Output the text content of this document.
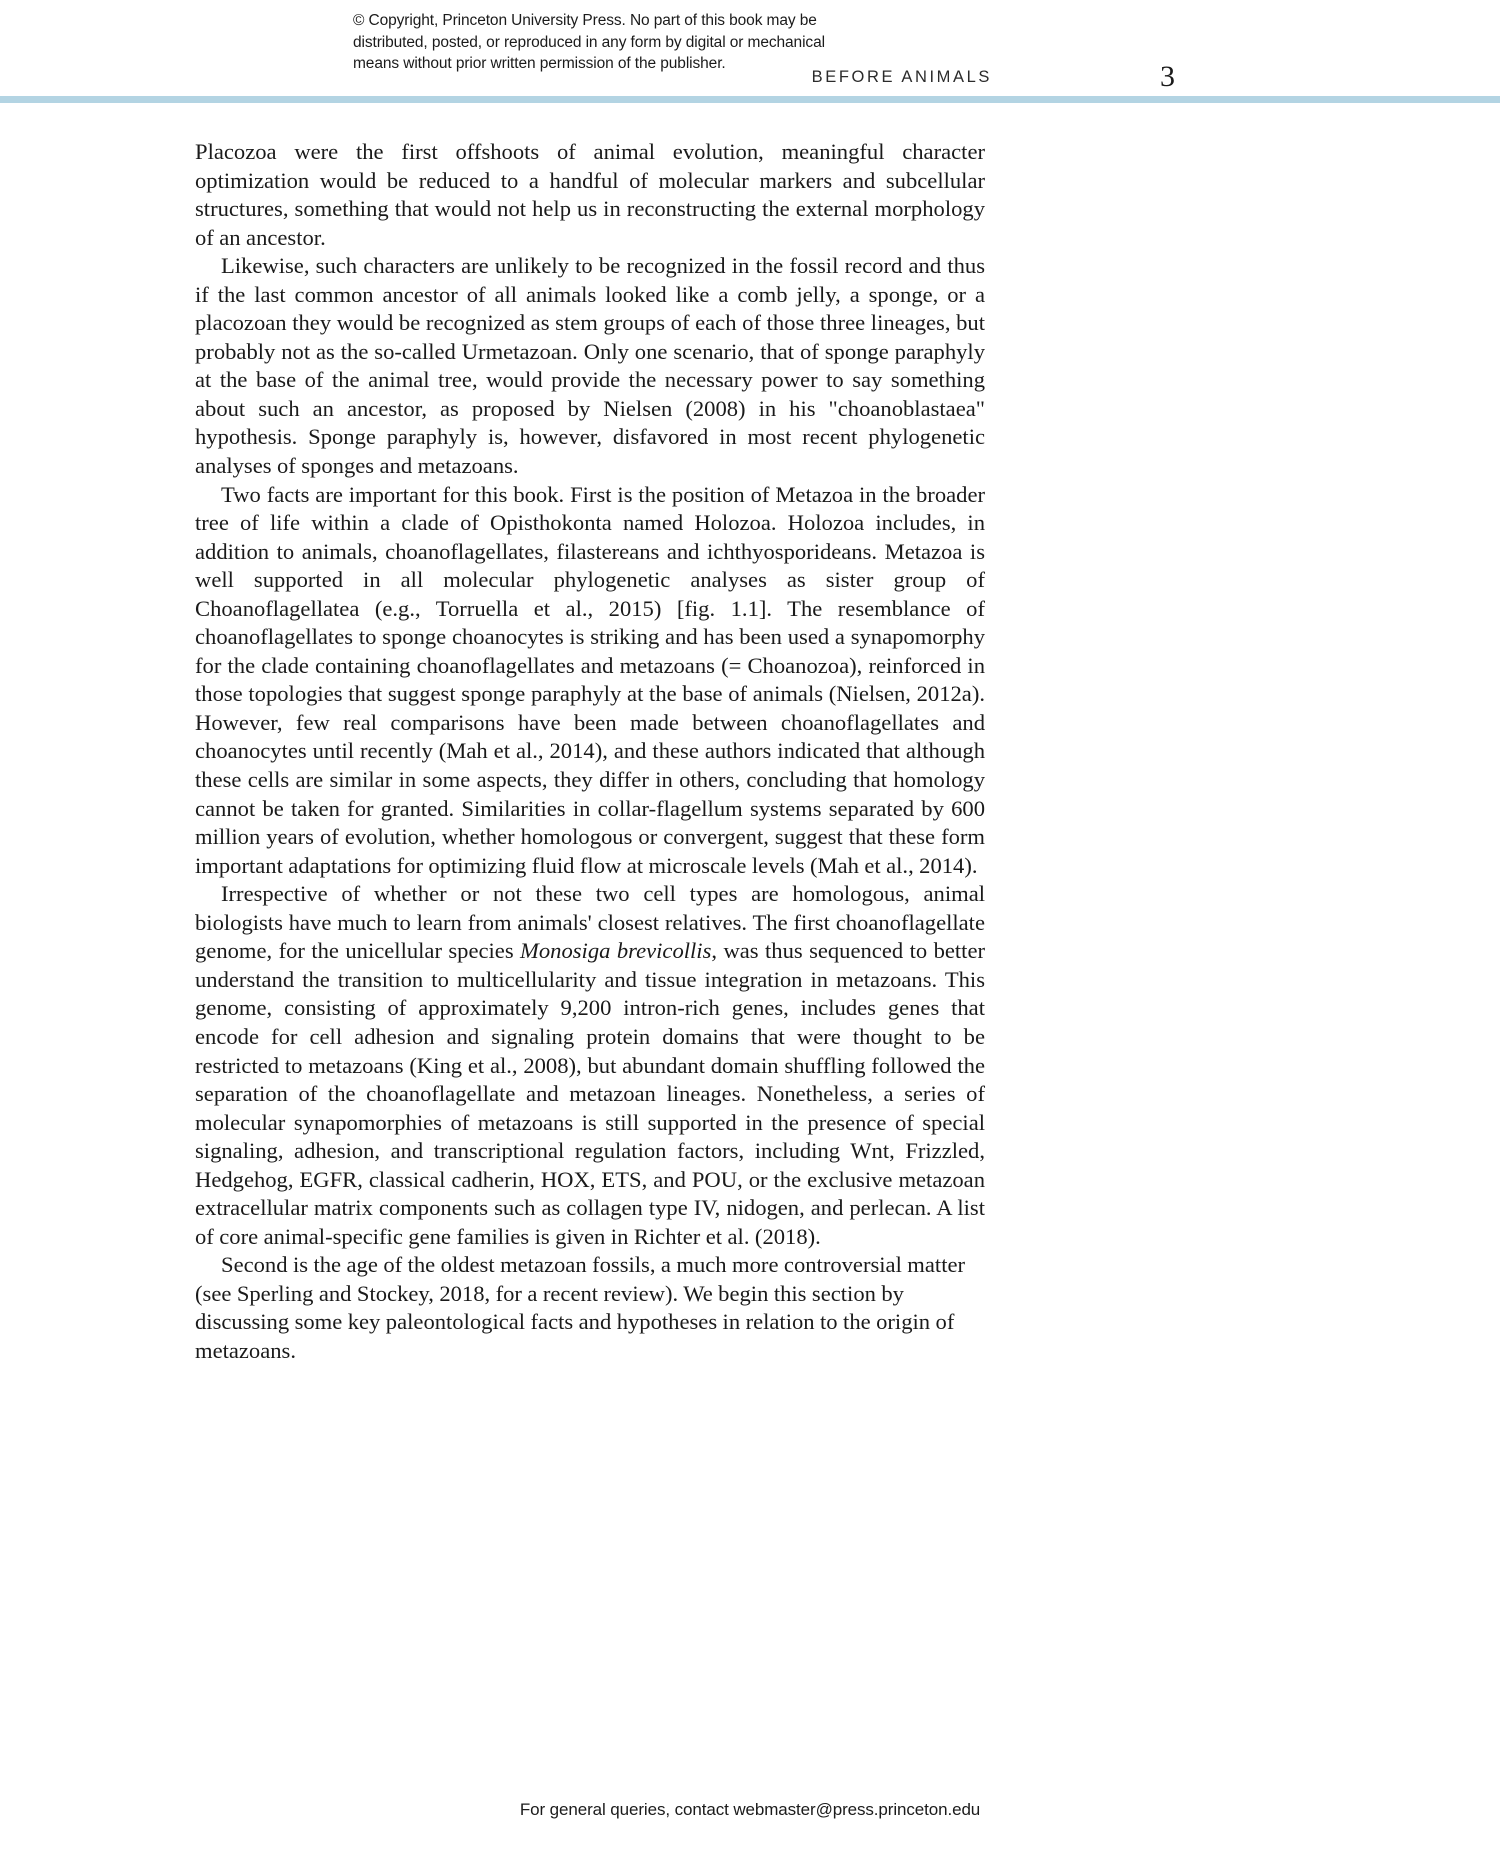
© Copyright, Princeton University Press. No part of this book may be
distributed, posted, or reproduced in any form by digital or mechanical
means without prior written permission of the publisher.
BEFORE ANIMALS	3

Placozoa were the first offshoots of animal evolution, meaningful character optimization would be reduced to a handful of molecular markers and subcellular structures, something that would not help us in reconstructing the external morphology of an ancestor.

Likewise, such characters are unlikely to be recognized in the fossil record and thus if the last common ancestor of all animals looked like a comb jelly, a sponge, or a placozoan they would be recognized as stem groups of each of those three lineages, but probably not as the so-called Urmetazoan. Only one scenario, that of sponge paraphyly at the base of the animal tree, would provide the necessary power to say something about such an ancestor, as proposed by Nielsen (2008) in his "choanoblastaea" hypothesis. Sponge paraphyly is, however, disfavored in most recent phylogenetic analyses of sponges and metazoans.

Two facts are important for this book. First is the position of Metazoa in the broader tree of life within a clade of Opisthokonta named Holozoa. Holozoa includes, in addition to animals, choanoflagellates, filastereans and ichthyosporideans. Metazoa is well supported in all molecular phylogenetic analyses as sister group of Choanoflagellatea (e.g., Torruella et al., 2015) [fig. 1.1]. The resemblance of choanoflagellates to sponge choanocytes is striking and has been used a synapomorphy for the clade containing choanoflagellates and metazoans (= Choanozoa), reinforced in those topologies that suggest sponge paraphyly at the base of animals (Nielsen, 2012a). However, few real comparisons have been made between choanoflagellates and choanocytes until recently (Mah et al., 2014), and these authors indicated that although these cells are similar in some aspects, they differ in others, concluding that homology cannot be taken for granted. Similarities in collar-flagellum systems separated by 600 million years of evolution, whether homologous or convergent, suggest that these form important adaptations for optimizing fluid flow at microscale levels (Mah et al., 2014).

Irrespective of whether or not these two cell types are homologous, animal biologists have much to learn from animals' closest relatives. The first choanoflagellate genome, for the unicellular species Monosiga brevicollis, was thus sequenced to better understand the transition to multicellularity and tissue integration in metazoans. This genome, consisting of approximately 9,200 intron-rich genes, includes genes that encode for cell adhesion and signaling protein domains that were thought to be restricted to metazoans (King et al., 2008), but abundant domain shuffling followed the separation of the choanoflagellate and metazoan lineages. Nonetheless, a series of molecular synapomorphies of metazoans is still supported in the presence of special signaling, adhesion, and transcriptional regulation factors, including Wnt, Frizzled, Hedgehog, EGFR, classical cadherin, HOX, ETS, and POU, or the exclusive metazoan extracellular matrix components such as collagen type IV, nidogen, and perlecan. A list of core animal-specific gene families is given in Richter et al. (2018).

Second is the age of the oldest metazoan fossils, a much more controversial matter (see Sperling and Stockey, 2018, for a recent review). We begin this section by discussing some key paleontological facts and hypotheses in relation to the origin of metazoans.

For general queries, contact webmaster@press.princeton.edu
